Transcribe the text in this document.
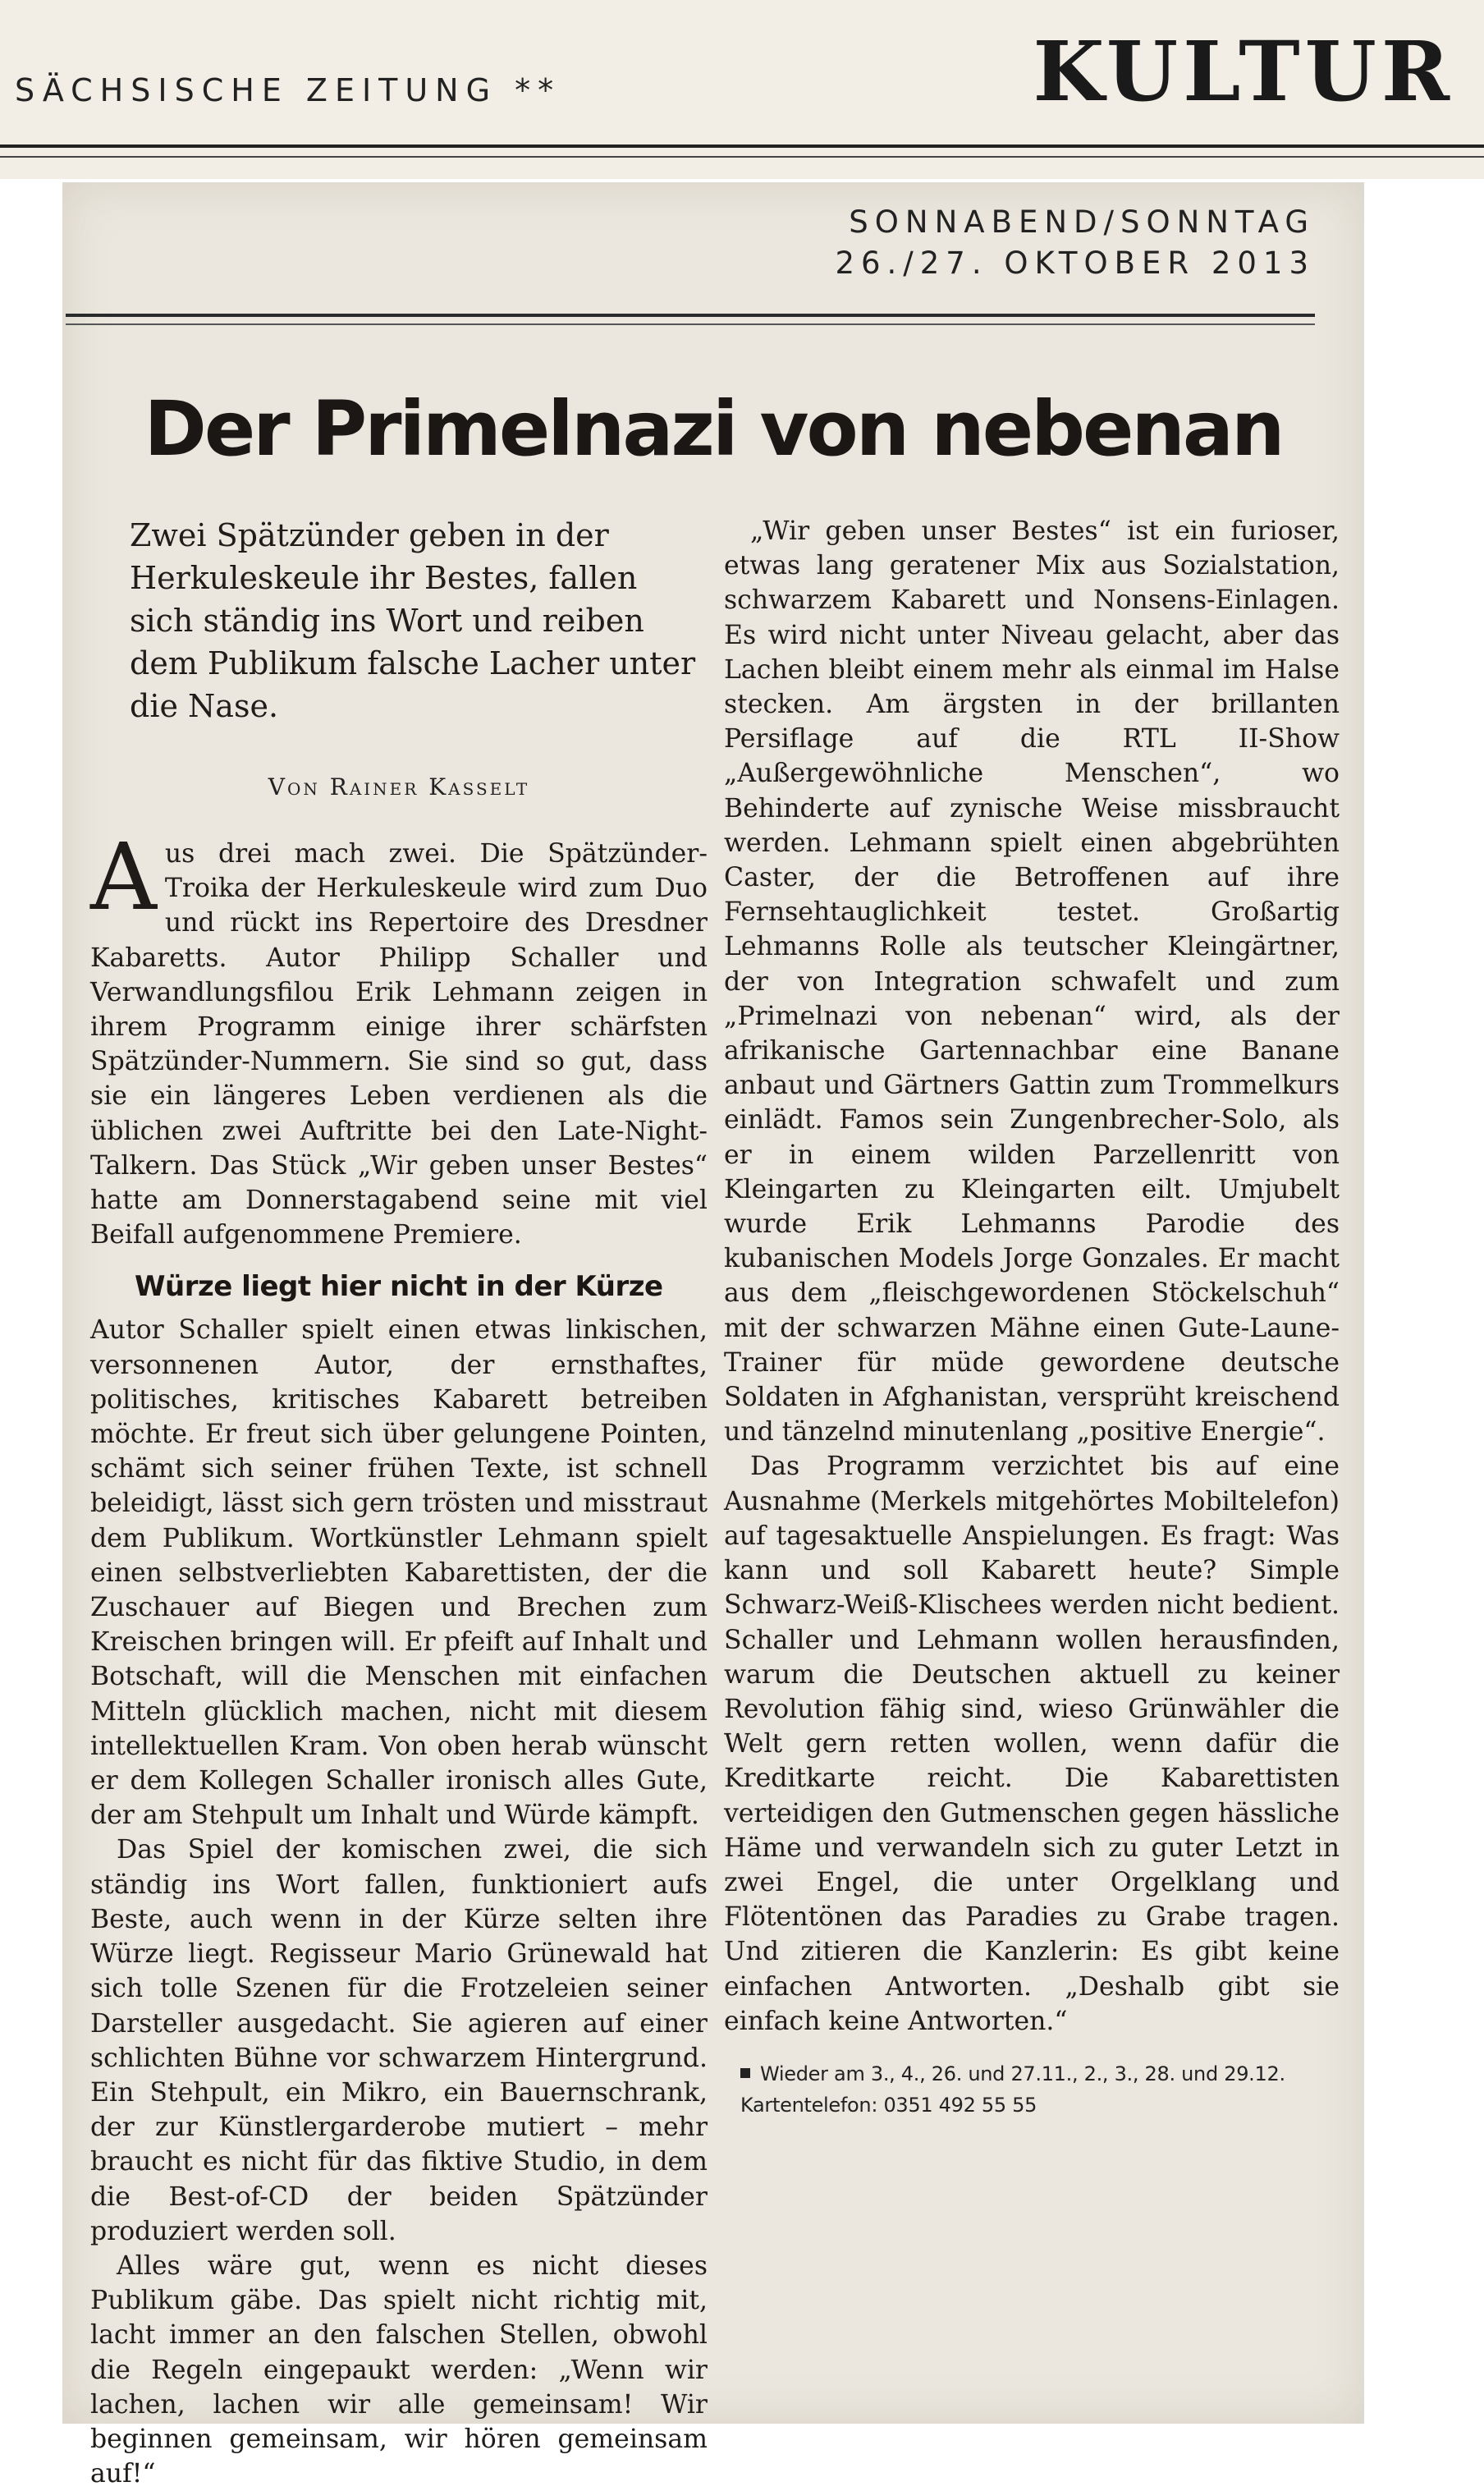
SÄCHSISCHE ZEITUNG **	KULTUR
SONNABEND/SONNTAG
26./27. OKTOBER 2013
Der Primelnazi von nebenan

Zwei Spätzünder geben in der Herkuleskeule ihr Bestes, fallen sich ständig ins Wort und reiben dem Publikum falsche Lacher unter die Nase.

Von Rainer Kasselt

Aus drei mach zwei. Die Spätzünder-Troika der Herkuleskeule wird zum Duo und rückt ins Repertoire des Dresdner Kabaretts. Autor Philipp Schaller und Verwandlungsfilou Erik Lehmann zeigen in ihrem Programm einige ihrer schärfsten Spätzünder-Nummern. Sie sind so gut, dass sie ein längeres Leben verdienen als die üblichen zwei Auftritte bei den Late-Night-Talkern. Das Stück „Wir geben unser Bestes“ hatte am Donnerstagabend seine mit viel Beifall aufgenommene Premiere.

Würze liegt hier nicht in der Kürze

Autor Schaller spielt einen etwas linkischen, versonnenen Autor, der ernsthaftes, politisches, kritisches Kabarett betreiben möchte. Er freut sich über gelungene Pointen, schämt sich seiner frühen Texte, ist schnell beleidigt, lässt sich gern trösten und misstraut dem Publikum. Wortkünstler Lehmann spielt einen selbstverliebten Kabarettisten, der die Zuschauer auf Biegen und Brechen zum Kreischen bringen will. Er pfeift auf Inhalt und Botschaft, will die Menschen mit einfachen Mitteln glücklich machen, nicht mit diesem intellektuellen Kram. Von oben herab wünscht er dem Kollegen Schaller ironisch alles Gute, der am Stehpult um Inhalt und Würde kämpft.

Das Spiel der komischen zwei, die sich ständig ins Wort fallen, funktioniert aufs Beste, auch wenn in der Kürze selten ihre Würze liegt. Regisseur Mario Grünewald hat sich tolle Szenen für die Frotzeleien seiner Darsteller ausgedacht. Sie agieren auf einer schlichten Bühne vor schwarzem Hintergrund. Ein Stehpult, ein Mikro, ein Bauernschrank, der zur Künstlergarderobe mutiert – mehr braucht es nicht für das fiktive Studio, in dem die Best-of-CD der beiden Spätzünder produziert werden soll.

Alles wäre gut, wenn es nicht dieses Publikum gäbe. Das spielt nicht richtig mit, lacht immer an den falschen Stellen, obwohl die Regeln eingepaukt werden: „Wenn wir lachen, lachen wir alle gemeinsam! Wir beginnen gemeinsam, wir hören gemeinsam auf!“

„Wir geben unser Bestes“ ist ein furioser, etwas lang geraten​er Mix aus Sozialstation, schwarzem Kabarett und Nonsens-Einlagen. Es wird nicht unter Niveau gelacht, aber das Lachen bleibt einem mehr als einmal im Halse stecken. Am ärgsten in der brillanten Persiflage auf die RTL II-Show „Außergewöhnliche Menschen“, wo Behinderte auf zynische Weise missbraucht werden. Lehmann spielt einen abgebrühten Caster, der die Betroffenen auf ihre Fernsehtauglichkeit testet. Großartig Lehmanns Rolle als teutscher Kleingärtner, der von Integration schwafelt und zum „Primelnazi von nebenan“ wird, als der afrikanische Gartennachbar eine Banane anbaut und Gärtners Gattin zum Trommelkurs einlädt. Famos sein Zungenbrecher-Solo, als er in einem wilden Parzellenritt von Kleingarten zu Kleingarten eilt. Umjubelt wurde Erik Lehmanns Parodie des kubanischen Models Jorge Gonzales. Er macht aus dem „fleischgewordenen Stöckelschuh“ mit der schwarzen Mähne einen Gute-Laune-Trainer für müde gewordene deutsche Soldaten in Afghanistan, versprüht kreischend und tänzelnd minutenlang „positive Energie“.

Das Programm verzichtet bis auf eine Ausnahme (Merkels mitgehörtes Mobiltelefon) auf tagesaktuelle Anspielungen. Es fragt: Was kann und soll Kabarett heute? Simple Schwarz-Weiß-Klischees werden nicht bedient. Schaller und Lehmann wollen herausfinden, warum die Deutschen aktuell zu keiner Revolution fähig sind, wieso Grünwähler die Welt gern retten wollen, wenn dafür die Kreditkarte reicht. Die Kabarettisten verteidigen den Gutmenschen gegen hässliche Häme und verwandeln sich zu guter Letzt in zwei Engel, die unter Orgelklang und Flötentönen das Paradies zu Grabe tragen. Und zitieren die Kanzlerin: Es gibt keine einfachen Antworten. „Deshalb gibt sie einfach keine Antworten.“

Wieder am 3., 4., 26. und 27.11., 2., 3., 28. und 29.12.
Kartentelefon: 0351 492 55 55
